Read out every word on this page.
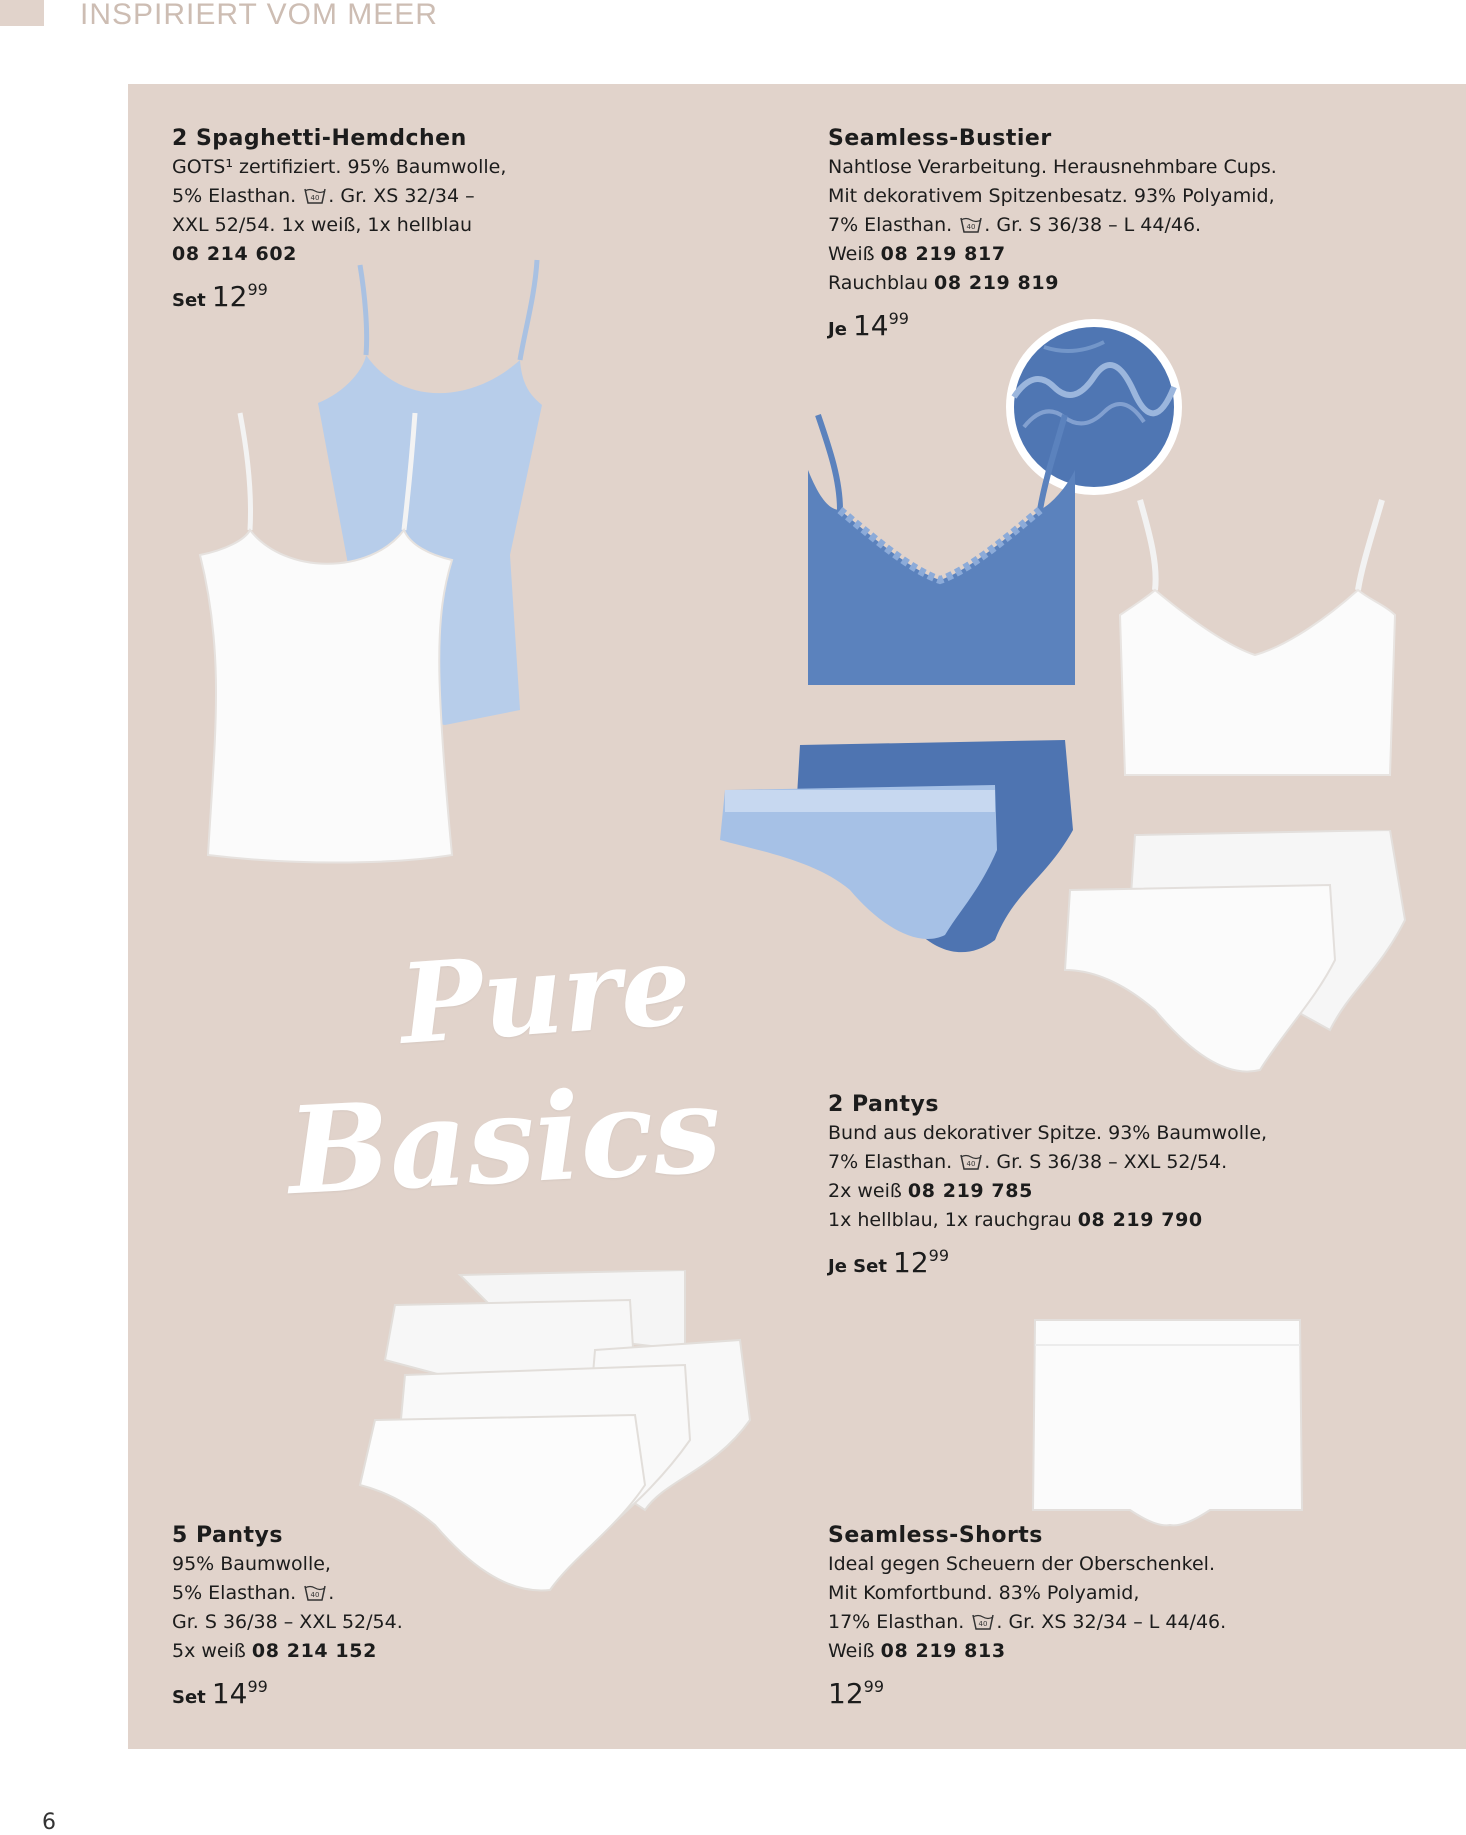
INSPIRIERT VOM MEER
Pure
Basics
2 Spaghetti-Hemdchen
GOTS¹ zertifiziert. 95% Baumwolle,
5% Elasthan. 40 . Gr. XS 32/34 –
XXL 52/54. 1x weiß, 1x hellblau
08 214 602
Set $12^{99}$
Seamless-Bustier
Nahtlose Verarbeitung. Herausnehmbare Cups.
Mit dekorativem Spitzenbesatz. 93% Polyamid,
7% Elasthan. 40 . Gr. S 36/38 – L 44/46.
Weiß 08 219 817
Rauchblau 08 219 819
Je $14^{99}$
2 Pantys
Bund aus dekorativer Spitze. 93% Baumwolle,
7% Elasthan. 40 . Gr. S 36/38 – XXL 52/54.
2x weiß 08 219 785
1x hellblau, 1x rauchgrau 08 219 790
Je Set $12^{99}$
5 Pantys
95% Baumwolle,
5% Elasthan. 40 .
Gr. S 36/38 – XXL 52/54.
5x weiß 08 214 152
Set $14^{99}$
Seamless-Shorts
Ideal gegen Scheuern der Oberschenkel.
Mit Komfortbund. 83% Polyamid,
17% Elasthan. 40 . Gr. XS 32/34 – L 44/46.
Weiß 08 219 813
$12^{99}$
6
